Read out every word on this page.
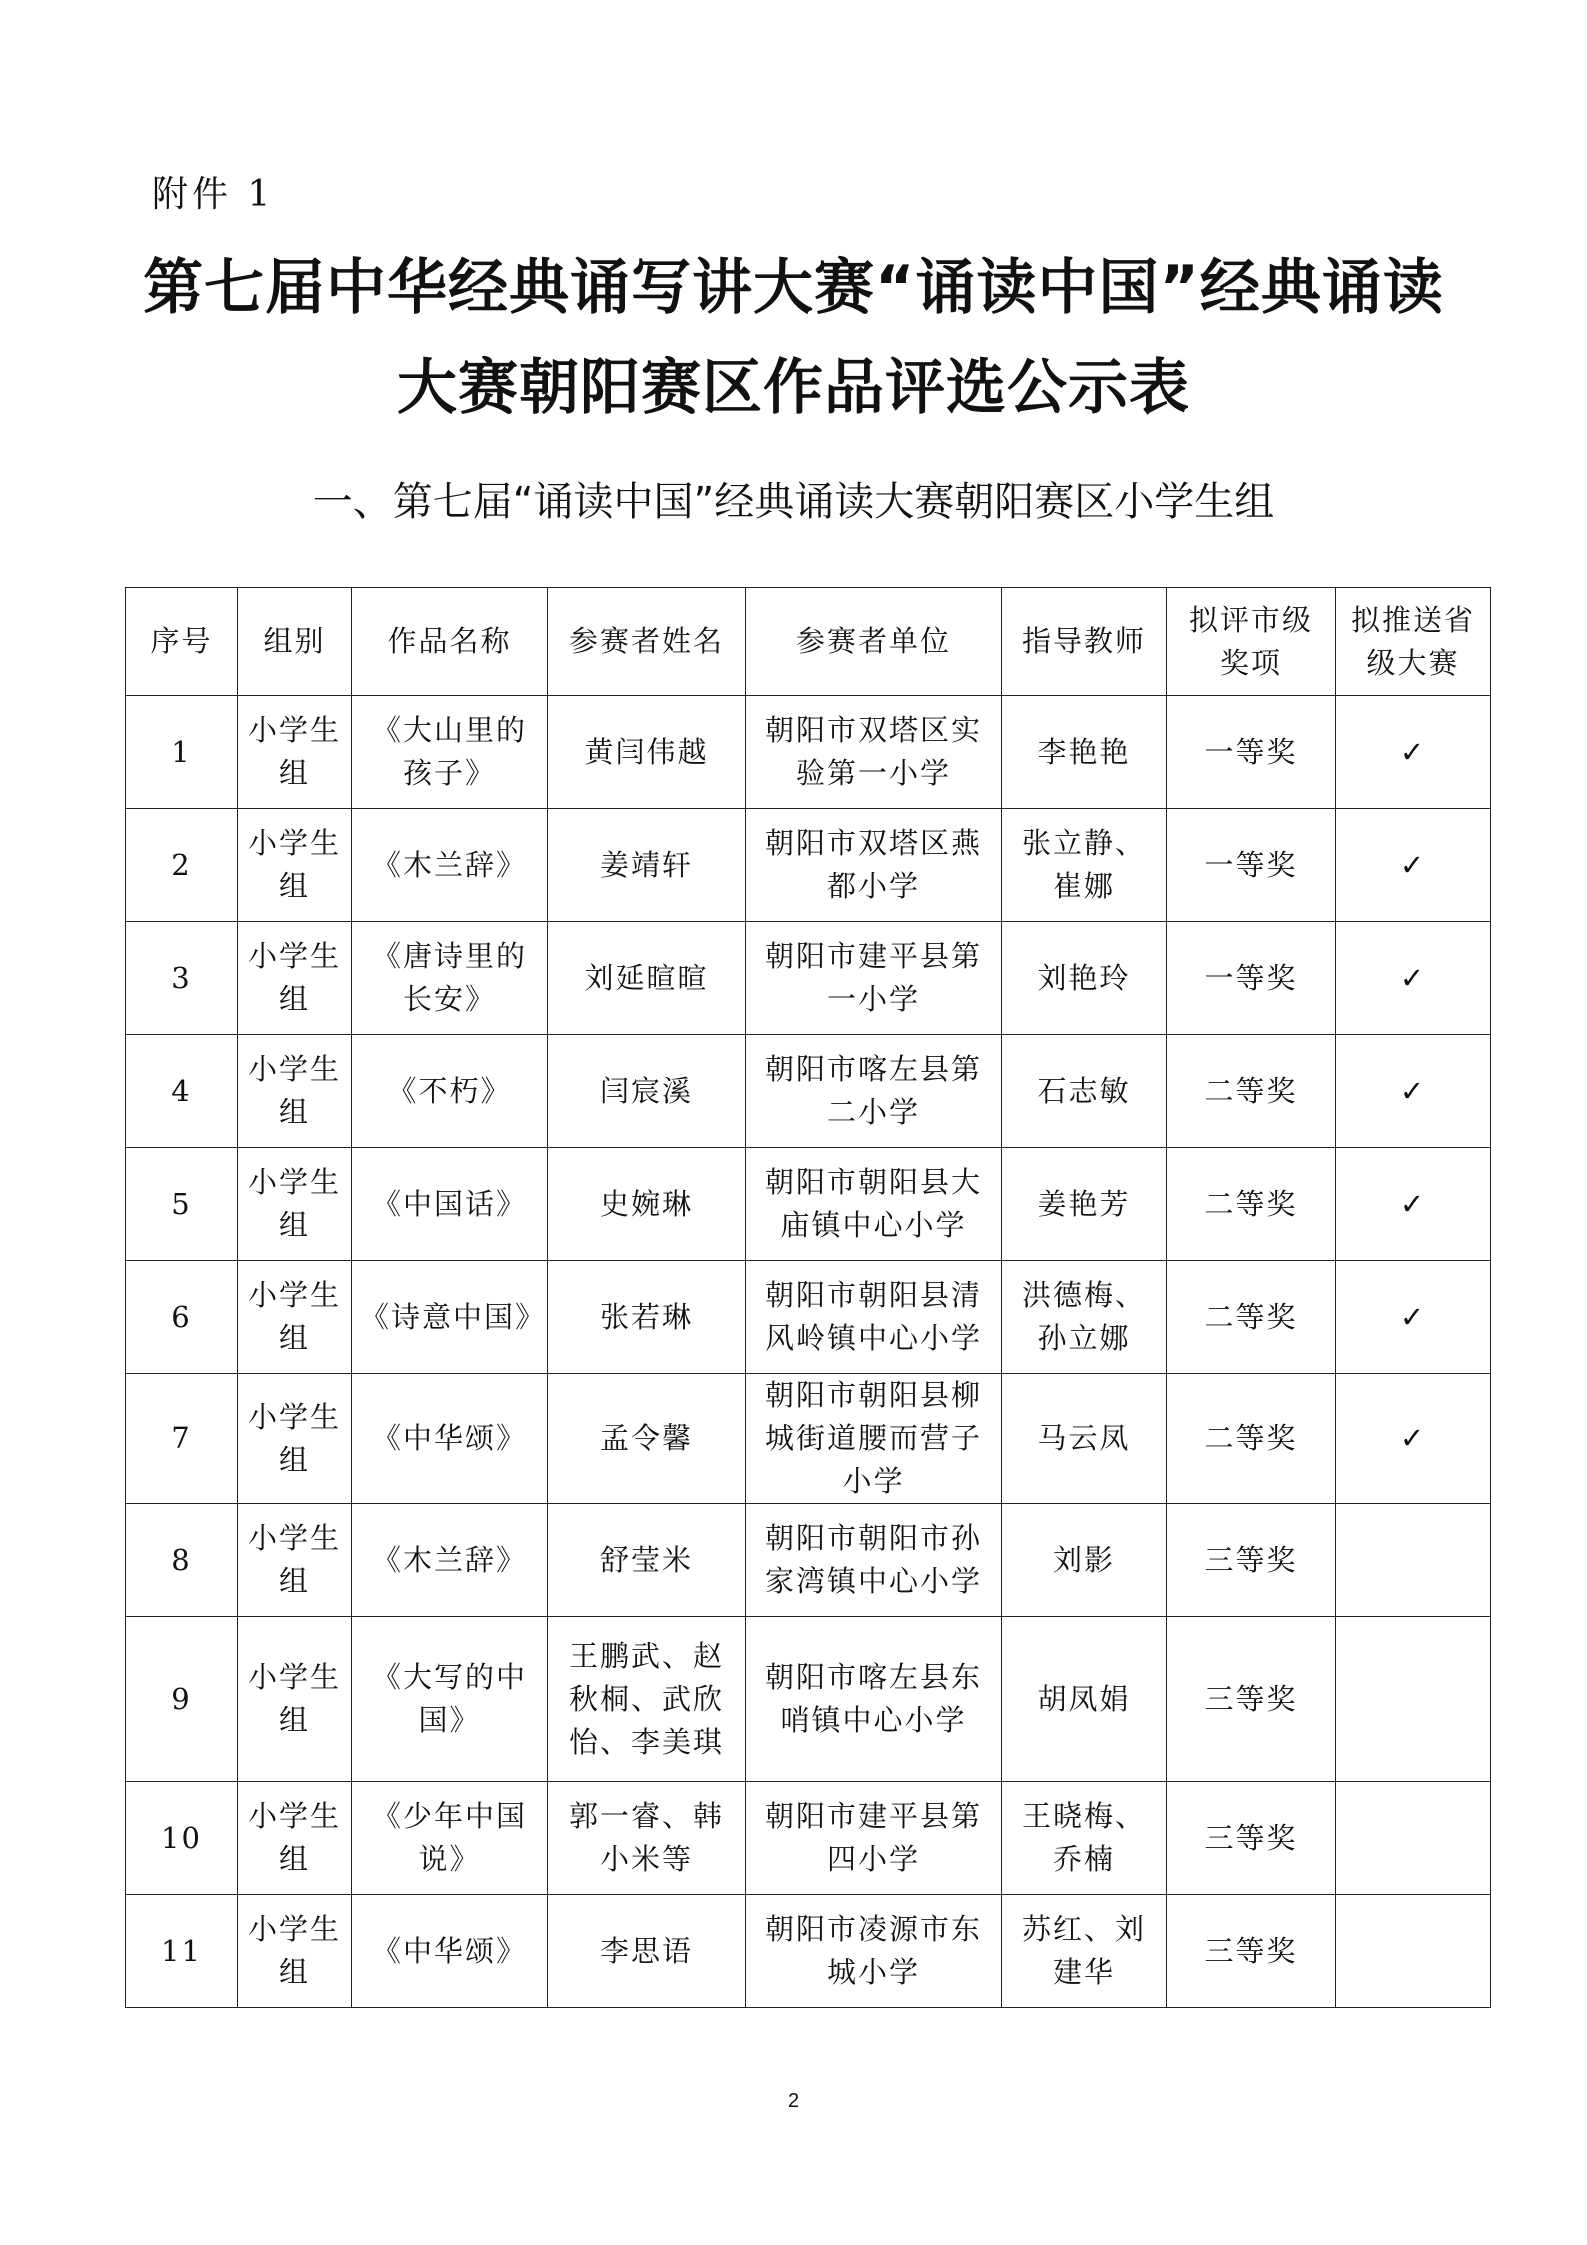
附件 1
第七届中华经典诵写讲大赛“诵读中国”经典诵读
大赛朝阳赛区作品评选公示表
一、第七届“诵读中国”经典诵读大赛朝阳赛区小学生组
序号	组别	作品名称	参赛者姓名	参赛者单位	指导教师	拟评市级奖项	拟推送省级大赛
1	小学生组	《大山里的孩子》	黄闫伟越	朝阳市双塔区实验第一小学	李艳艳	一等奖	✓
2	小学生组	《木兰辞》	姜靖轩	朝阳市双塔区燕都小学	张立静、崔娜	一等奖	✓
3	小学生组	《唐诗里的长安》	刘延暄暄	朝阳市建平县第一小学	刘艳玲	一等奖	✓
4	小学生组	《不朽》	闫宸溪	朝阳市喀左县第二小学	石志敏	二等奖	✓
5	小学生组	《中国话》	史婉琳	朝阳市朝阳县大庙镇中心小学	姜艳芳	二等奖	✓
6	小学生组	《诗意中国》	张若琳	朝阳市朝阳县清风岭镇中心小学	洪德梅、孙立娜	二等奖	✓
7	小学生组	《中华颂》	孟令馨	朝阳市朝阳县柳城街道腰而营子小学	马云凤	二等奖	✓
8	小学生组	《木兰辞》	舒莹米	朝阳市朝阳市孙家湾镇中心小学	刘影	三等奖	
9	小学生组	《大写的中国》	王鹏武、赵秋桐、武欣怡、李美琪	朝阳市喀左县东哨镇中心小学	胡凤娟	三等奖	
10	小学生组	《少年中国说》	郭一睿、韩小米等	朝阳市建平县第四小学	王晓梅、乔楠	三等奖	
11	小学生组	《中华颂》	李思语	朝阳市凌源市东城小学	苏红、刘建华	三等奖	
2
